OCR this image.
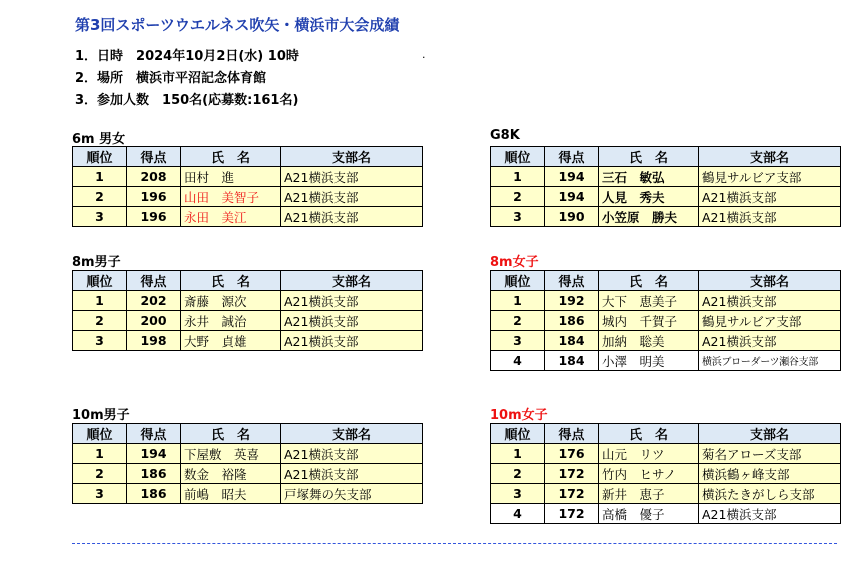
第3回スポーツウエルネス吹矢・横浜市大会成績
1．日時　2024年10月2日(水) 10時
2．場所　横浜市平沼記念体育館
3．参加人数　150名(応募数:161名)
.
6m 男女
順位	得点	氏　名	支部名
1	208	田村　進	A21横浜支部
2	196	山田　美智子	A21横浜支部
3	196	永田　美江	A21横浜支部
G8K
順位	得点	氏　名	支部名
1	194	三石　敏弘	鶴見サルビア支部
2	194	人見　秀夫	A21横浜支部
3	190	小笠原　勝夫	A21横浜支部
8m男子
順位	得点	氏　名	支部名
1	202	斎藤　源次	A21横浜支部
2	200	永井　誠治	A21横浜支部
3	198	大野　貞雄	A21横浜支部
8m女子
順位	得点	氏　名	支部名
1	192	大下　恵美子	A21横浜支部
2	186	城内　千賀子	鶴見サルビア支部
3	184	加納　聡美	A21横浜支部
4	184	小澤　明美	横浜ブローダーツ瀬谷支部
10m男子
順位	得点	氏　名	支部名
1	194	下屋敷　英喜	A21横浜支部
2	186	数金　裕隆	A21横浜支部
3	186	前嶋　昭夫	戸塚舞の矢支部
10m女子
順位	得点	氏　名	支部名
1	176	山元　リツ	菊名アローズ支部
2	172	竹内　ヒサノ	横浜鶴ヶ峰支部
3	172	新井　恵子	横浜たきがしら支部
4	172	高橋　優子	A21横浜支部
